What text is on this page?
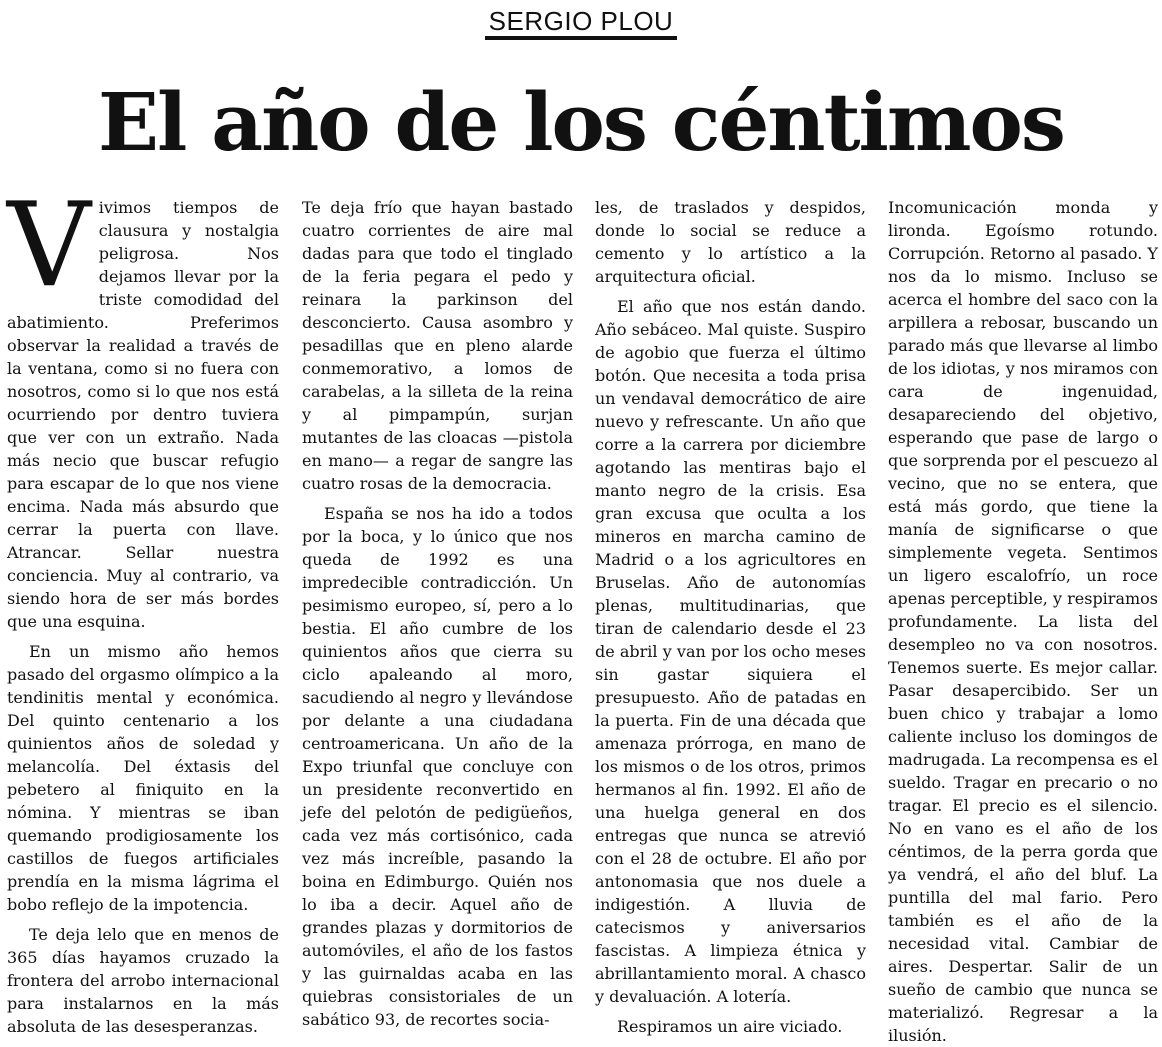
SERGIO PLOU
El año de los céntimos
V ivimos tiempos de clausura y nostalgia peligrosa. Nos dejamos llevar por la triste comodidad del abatimiento. Preferimos observar la realidad a través de la ventana, como si no fuera con nosotros, como si lo que nos está ocurriendo por dentro tuviera que ver con un extraño. Nada más necio que buscar refugio para escapar de lo que nos viene encima. Nada más absurdo que cerrar la puerta con llave. Atrancar. Sellar nuestra conciencia. Muy al contrario, va siendo hora de ser más bordes que una esquina.

En un mismo año hemos pasado del orgasmo olímpico a la tendinitis mental y económica. Del quinto centenario a los quinientos años de soledad y melancolía. Del éxtasis del pebetero al finiquito en la nómina. Y mientras se iban quemando prodigiosamente los castillos de fuegos artificiales prendía en la misma lágrima el bobo reflejo de la impotencia.

Te deja lelo que en menos de 365 días hayamos cruzado la frontera del arrobo internacional para instalarnos en la más absoluta de las desesperanzas.

Te deja frío que hayan bastado cuatro corrientes de aire mal dadas para que todo el tinglado de la feria pegara el pedo y reinara la parkinson del desconcierto. Causa asombro y pesadillas que en pleno alarde conmemorativo, a lomos de carabelas, a la silleta de la reina y al pimpampún, surjan mutantes de las cloacas —pistola en mano— a regar de sangre las cuatro rosas de la democracia.

España se nos ha ido a todos por la boca, y lo único que nos queda de 1992 es una impredecible contradicción. Un pesimismo europeo, sí, pero a lo bestia. El año cumbre de los quinientos años que cierra su ciclo apaleando al moro, sacudiendo al negro y llevándose por delante a una ciudadana centroamericana. Un año de la Expo triunfal que concluye con un presidente reconvertido en jefe del pelotón de pedigüeños, cada vez más cortisónico, cada vez más increíble, pasando la boina en Edimburgo. Quién nos lo iba a decir. Aquel año de grandes plazas y dormitorios de automóviles, el año de los fastos y las guirnaldas acaba en las quiebras consistoriales de un sabático 93, de recortes socia-

les, de traslados y despidos, donde lo social se reduce a cemento y lo artístico a la arquitectura oficial.

El año que nos están dando. Año sebáceo. Mal quiste. Suspiro de agobio que fuerza el último botón. Que necesita a toda prisa un vendaval democrático de aire nuevo y refrescante. Un año que corre a la carrera por diciembre agotando las mentiras bajo el manto negro de la crisis. Esa gran excusa que oculta a los mineros en marcha camino de Madrid o a los agricultores en Bruselas. Año de autonomías plenas, multitudinarias, que tiran de calendario desde el 23 de abril y van por los ocho meses sin gastar siquiera el presupuesto. Año de patadas en la puerta. Fin de una década que amenaza prórroga, en mano de los mismos o de los otros, primos hermanos al fin. 1992. El año de una huelga general en dos entregas que nunca se atrevió con el 28 de octubre. El año por antonomasia que nos duele a indigestión. A lluvia de catecismos y aniversarios fascistas. A limpieza étnica y abrillantamiento moral. A chasco y devaluación. A lotería.

Respiramos un aire viciado.

Incomunicación monda y lironda. Egoísmo rotundo. Corrupción. Retorno al pasado. Y nos da lo mismo. Incluso se acerca el hombre del saco con la arpillera a rebosar, buscando un parado más que llevarse al limbo de los idiotas, y nos miramos con cara de ingenuidad, desapareciendo del objetivo, esperando que pase de largo o que sorprenda por el pescuezo al vecino, que no se entera, que está más gordo, que tiene la manía de significarse o que simplemente vegeta. Sentimos un ligero escalofrío, un roce apenas perceptible, y respiramos profundamente. La lista del desempleo no va con nosotros. Tenemos suerte. Es mejor callar. Pasar desapercibido. Ser un buen chico y trabajar a lomo caliente incluso los domingos de madrugada. La recompensa es el sueldo. Tragar en precario o no tragar. El precio es el silencio. No en vano es el año de los céntimos, de la perra gorda que ya vendrá, el año del bluf. La puntilla del mal fario. Pero también es el año de la necesidad vital. Cambiar de aires. Despertar. Salir de un sueño de cambio que nunca se materializó. Regresar a la ilusión.
